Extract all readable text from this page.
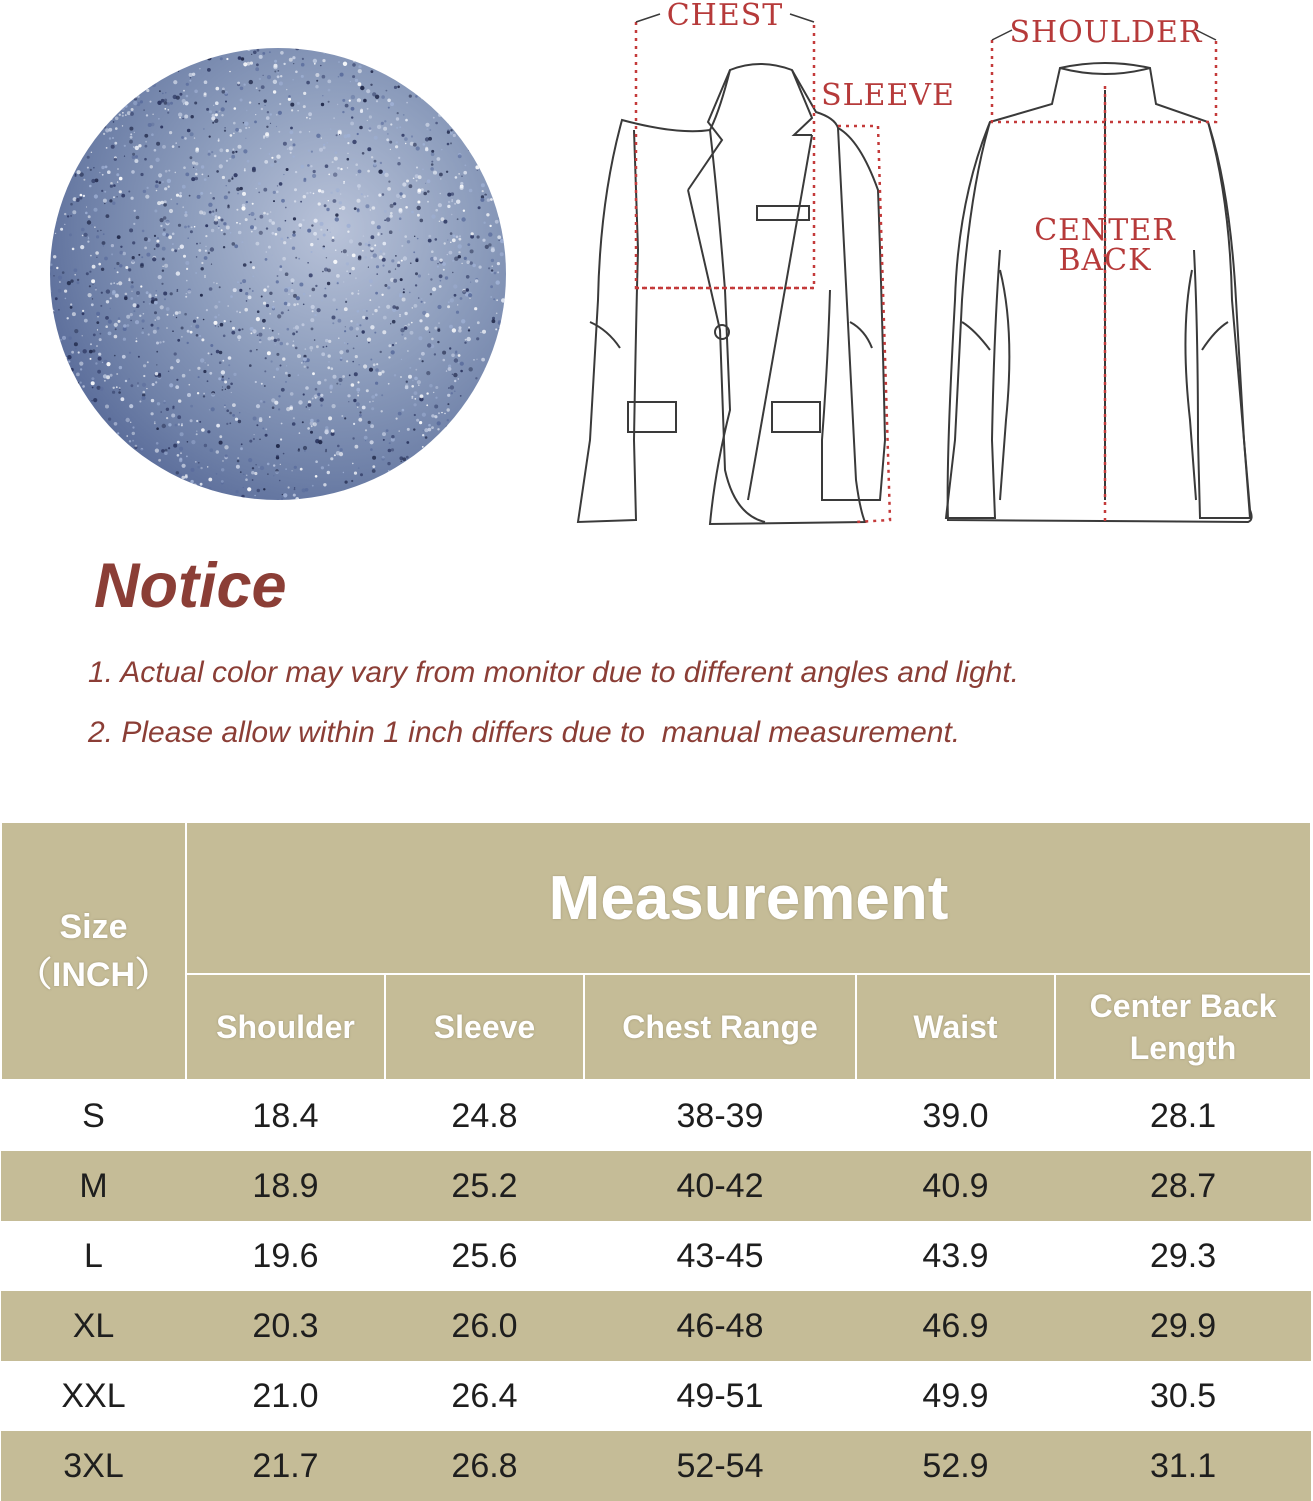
CHEST
SLEEVE
SHOULDER
CENTER
BACK
Notice

1. Actual color may vary from monitor due to different angles and light.

2. Please allow within 1 inch differs due to  manual measurement.

Size
（INCH）	Measurement				
	Shoulder	Sleeve	Chest Range	Waist	Center Back Length
S	18.4	24.8	38-39	39.0	28.1
M	18.9	25.2	40-42	40.9	28.7
L	19.6	25.6	43-45	43.9	29.3
XL	20.3	26.0	46-48	46.9	29.9
XXL	21.0	26.4	49-51	49.9	30.5
3XL	21.7	26.8	52-54	52.9	31.1
